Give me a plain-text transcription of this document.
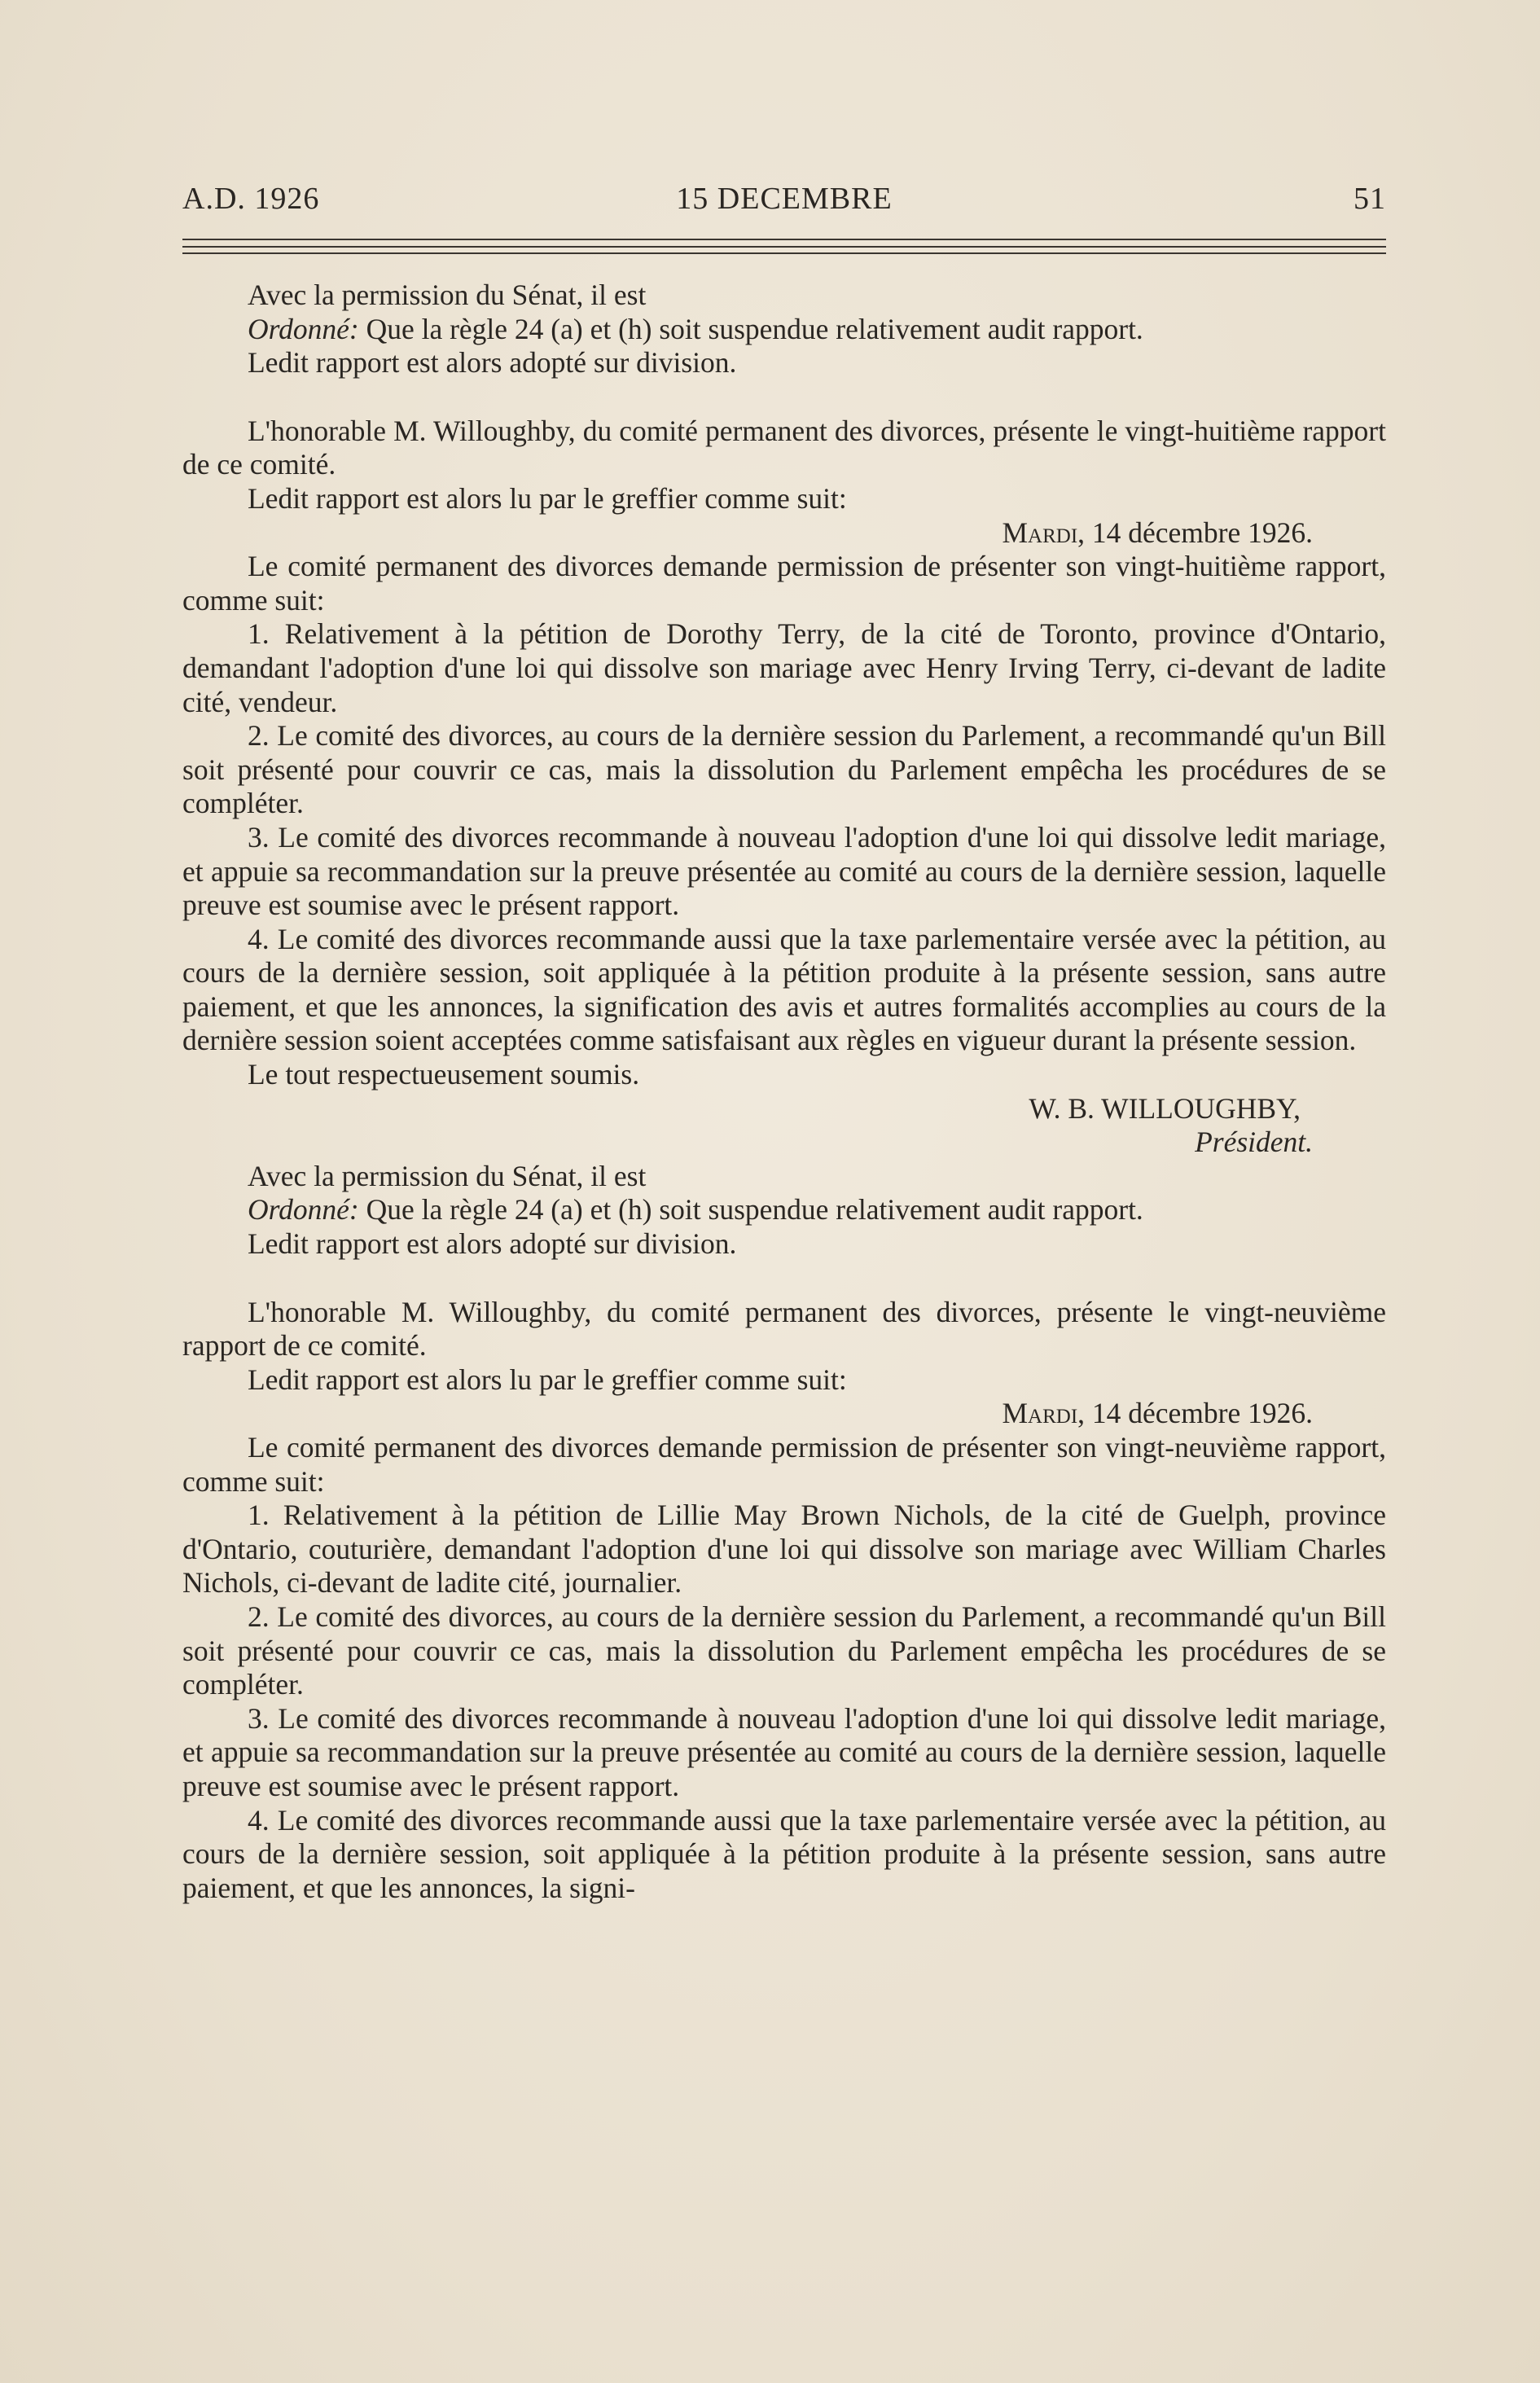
A.D. 1926	15 DECEMBRE	51

Avec la permission du Sénat, il est

Ordonné: Que la règle 24 (a) et (h) soit suspendue relativement audit rapport.

Ledit rapport est alors adopté sur division.

L'honorable M. Willoughby, du comité permanent des divorces, présente le vingt-huitième rapport de ce comité.

Ledit rapport est alors lu par le greffier comme suit:

Mardi, 14 décembre 1926.

Le comité permanent des divorces demande permission de présenter son vingt-huitième rapport, comme suit:

1. Relativement à la pétition de Dorothy Terry, de la cité de Toronto, province d'Ontario, demandant l'adoption d'une loi qui dissolve son mariage avec Henry Irving Terry, ci-devant de ladite cité, vendeur.

2. Le comité des divorces, au cours de la dernière session du Parlement, a recommandé qu'un Bill soit présenté pour couvrir ce cas, mais la dissolution du Parlement empêcha les procédures de se compléter.

3. Le comité des divorces recommande à nouveau l'adoption d'une loi qui dissolve ledit mariage, et appuie sa recommandation sur la preuve présentée au comité au cours de la dernière session, laquelle preuve est soumise avec le présent rapport.

4. Le comité des divorces recommande aussi que la taxe parlementaire versée avec la pétition, au cours de la dernière session, soit appliquée à la pétition produite à la présente session, sans autre paiement, et que les annonces, la signification des avis et autres formalités accomplies au cours de la dernière session soient acceptées comme satisfaisant aux règles en vigueur durant la présente session.

Le tout respectueusement soumis.

W. B. WILLOUGHBY,

Président.

Avec la permission du Sénat, il est

Ordonné: Que la règle 24 (a) et (h) soit suspendue relativement audit rapport.

Ledit rapport est alors adopté sur division.

L'honorable M. Willoughby, du comité permanent des divorces, présente le vingt-neuvième rapport de ce comité.

Ledit rapport est alors lu par le greffier comme suit:

Mardi, 14 décembre 1926.

Le comité permanent des divorces demande permission de présenter son vingt-neuvième rapport, comme suit:

1. Relativement à la pétition de Lillie May Brown Nichols, de la cité de Guelph, province d'Ontario, couturière, demandant l'adoption d'une loi qui dissolve son mariage avec William Charles Nichols, ci-devant de ladite cité, journalier.

2. Le comité des divorces, au cours de la dernière session du Parlement, a recommandé qu'un Bill soit présenté pour couvrir ce cas, mais la dissolution du Parlement empêcha les procédures de se compléter.

3. Le comité des divorces recommande à nouveau l'adoption d'une loi qui dissolve ledit mariage, et appuie sa recommandation sur la preuve présentée au comité au cours de la dernière session, laquelle preuve est soumise avec le présent rapport.

4. Le comité des divorces recommande aussi que la taxe parlementaire versée avec la pétition, au cours de la dernière session, soit appliquée à la pétition produite à la présente session, sans autre paiement, et que les annonces, la signi-
